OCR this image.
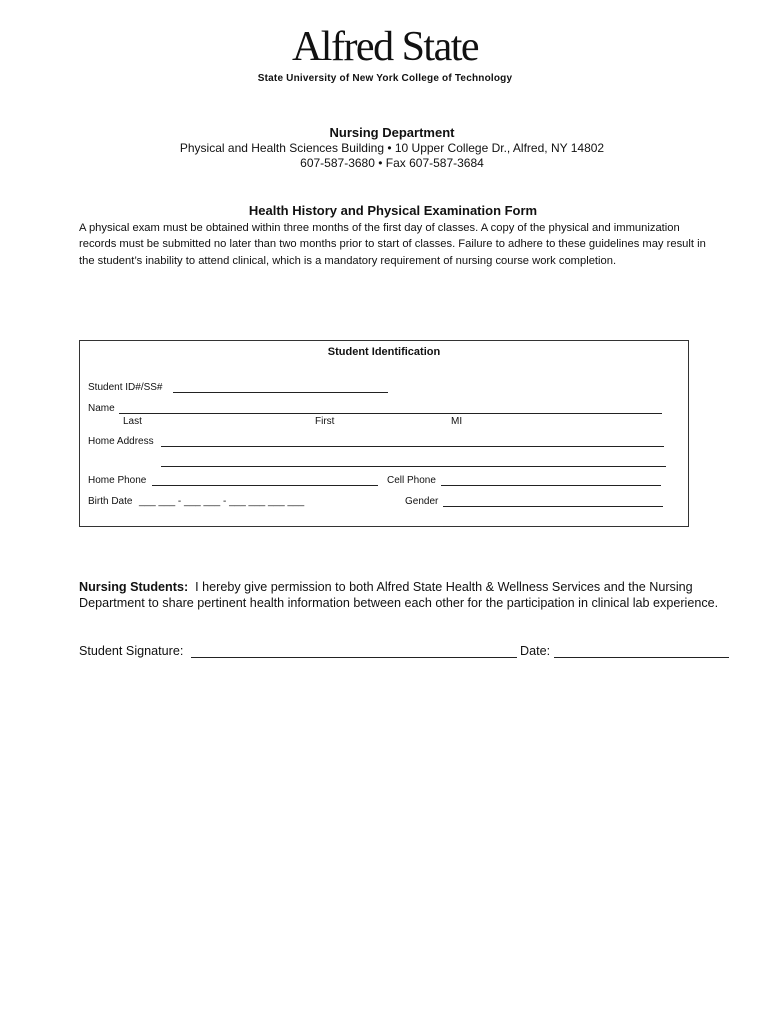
Alfred State
State University of New York College of Technology
Nursing Department
Physical and Health Sciences Building • 10 Upper College Dr., Alfred, NY 14802
607-587-3680 • Fax 607-587-3684
Health History and Physical Examination Form
A physical exam must be obtained within three months of the first day of classes. A copy of the physical and immunization records must be submitted no later than two months prior to start of classes. Failure to adhere to these guidelines may result in the student’s inability to attend clinical, which is a mandatory requirement of nursing course work completion.
Student Identification
Student ID#/SS#
Name
Last	First	MI
Home Address
Home Phone	Cell Phone
Birth Date ___ ___ - ___ ___ - ___ ___ ___ ___	Gender
Nursing Students: I hereby give permission to both Alfred State Health & Wellness Services and the Nursing Department to share pertinent health information between each other for the participation in clinical lab experience.
Student Signature:	Date:
